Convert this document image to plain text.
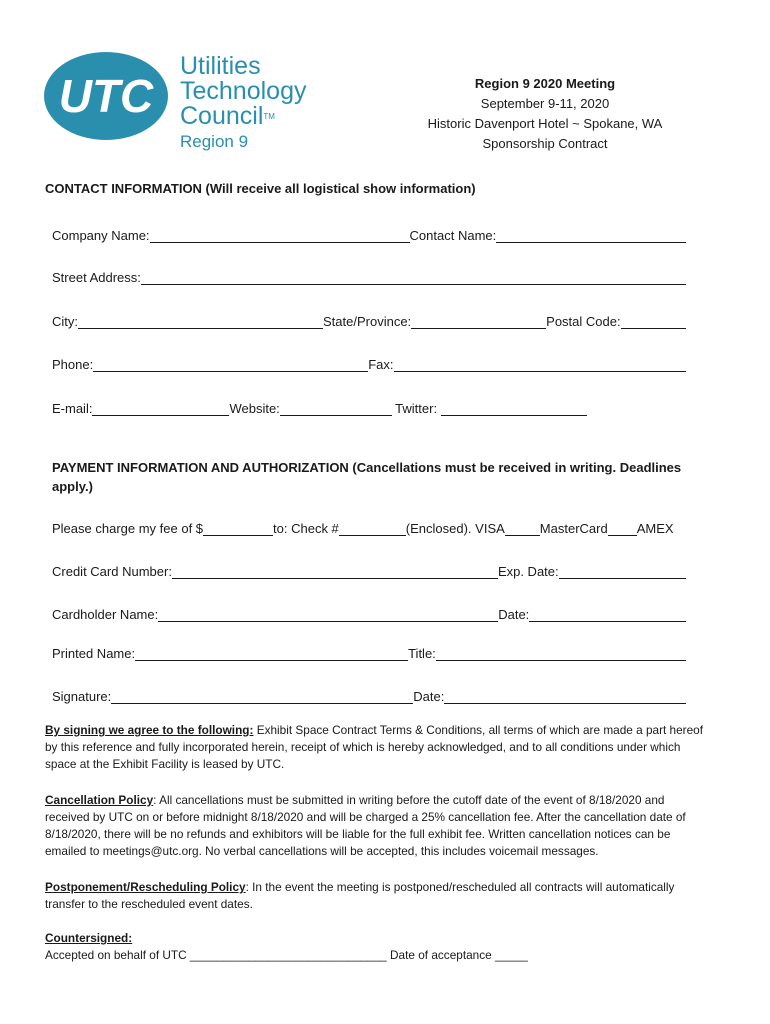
UTC
Utilities
Technology
Council™
Region 9
Region 9 2020 Meeting
September 9-11, 2020
Historic Davenport Hotel ~ Spokane, WA
Sponsorship Contract
CONTACT INFORMATION (Will receive all logistical show information)
Company Name:	Contact Name:
Street Address:
City:	State/Province:	Postal Code:
Phone:	Fax:
E-mail:	Website:	Twitter:
PAYMENT INFORMATION AND AUTHORIZATION (Cancellations must be received in writing. Deadlines apply.)
Please charge my fee of $	to: Check #	(Enclosed). VISA	MasterCard AMEX
Credit Card Number:	Exp. Date:
Cardholder Name:	Date:
Printed Name:	Title:
Signature:	Date:
By signing we agree to the following: Exhibit Space Contract Terms & Conditions, all terms of which are made a part hereof by this reference and fully incorporated herein, receipt of which is hereby acknowledged, and to all conditions under which space at the Exhibit Facility is leased by UTC.
Cancellation Policy: All cancellations must be submitted in writing before the cutoff date of the event of 8/18/2020 and received by UTC on or before midnight 8/18/2020 and will be charged a 25% cancellation fee. After the cancellation date of 8/18/2020, there will be no refunds and exhibitors will be liable for the full exhibit fee. Written cancellation notices can be emailed to meetings@utc.org. No verbal cancellations will be accepted, this includes voicemail messages.
Postponement/Rescheduling Policy: In the event the meeting is postponed/rescheduled all contracts will automatically transfer to the rescheduled event dates.
Countersigned:
Accepted on behalf of UTC ______________________________ Date of acceptance _____
